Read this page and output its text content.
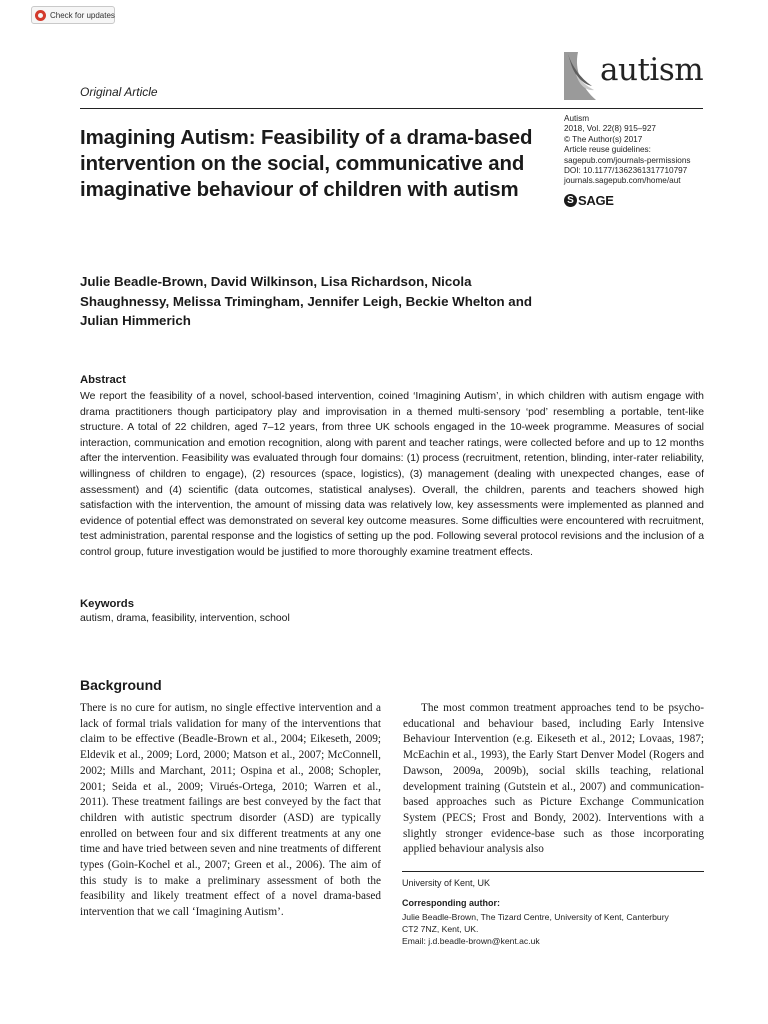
Check for updates
Original Article
autism
Autism
2018, Vol. 22(8) 915–927
© The Author(s) 2017
Article reuse guidelines:
sagepub.com/journals-permissions
DOI: 10.1177/1362361317710797
journals.sagepub.com/home/aut
S SAGE
Imagining Autism: Feasibility of a drama-based intervention on the social, communicative and imaginative behaviour of children with autism
Julie Beadle-Brown, David Wilkinson, Lisa Richardson, Nicola Shaughnessy, Melissa Trimingham, Jennifer Leigh, Beckie Whelton and Julian Himmerich
Abstract
We report the feasibility of a novel, school-based intervention, coined ‘Imagining Autism’, in which children with autism engage with drama practitioners though participatory play and improvisation in a themed multi-sensory ‘pod’ resembling a portable, tent-like structure. A total of 22 children, aged 7–12 years, from three UK schools engaged in the 10-week programme. Measures of social interaction, communication and emotion recognition, along with parent and teacher ratings, were collected before and up to 12 months after the intervention. Feasibility was evaluated through four domains: (1) process (recruitment, retention, blinding, inter-rater reliability, willingness of children to engage), (2) resources (space, logistics), (3) management (dealing with unexpected changes, ease of assessment) and (4) scientific (data outcomes, statistical analyses). Overall, the children, parents and teachers showed high satisfaction with the intervention, the amount of missing data was relatively low, key assessments were implemented as planned and evidence of potential effect was demonstrated on several key outcome measures. Some difficulties were encountered with recruitment, test administration, parental response and the logistics of setting up the pod. Following several protocol revisions and the inclusion of a control group, future investigation would be justified to more thoroughly examine treatment effects.
Keywords
autism, drama, feasibility, intervention, school
Background
There is no cure for autism, no single effective intervention and a lack of formal trials validation for many of the interventions that claim to be effective (Beadle-Brown et al., 2004; Eikeseth, 2009; Eldevik et al., 2009; Lord, 2000; Matson et al., 2007; McConnell, 2002; Mills and Marchant, 2011; Ospina et al., 2008; Schopler, 2001; Seida et al., 2009; Virués-Ortega, 2010; Warren et al., 2011). These treatment failings are best conveyed by the fact that children with autistic spectrum disorder (ASD) are typically enrolled on between four and six different treatments at any one time and have tried between seven and nine treatments of different types (Goin-Kochel et al., 2007; Green et al., 2006). The aim of this study is to make a preliminary assessment of both the feasibility and likely treatment effect of a novel drama-based intervention that we call ‘Imagining Autism’.
The most common treatment approaches tend to be psycho-educational and behaviour based, including Early Intensive Behaviour Intervention (e.g. Eikeseth et al., 2012; Lovaas, 1987; McEachin et al., 1993), the Early Start Denver Model (Rogers and Dawson, 2009a, 2009b), social skills teaching, relational development training (Gutstein et al., 2007) and communication-based approaches such as Picture Exchange Communication System (PECS; Frost and Bondy, 2002). Interventions with a slightly stronger evidence-base such as those incorporating applied behaviour analysis also
University of Kent, UK
Corresponding author:
Julie Beadle-Brown, The Tizard Centre, University of Kent, Canterbury
CT2 7NZ, Kent, UK.
Email: j.d.beadle-brown@kent.ac.uk
